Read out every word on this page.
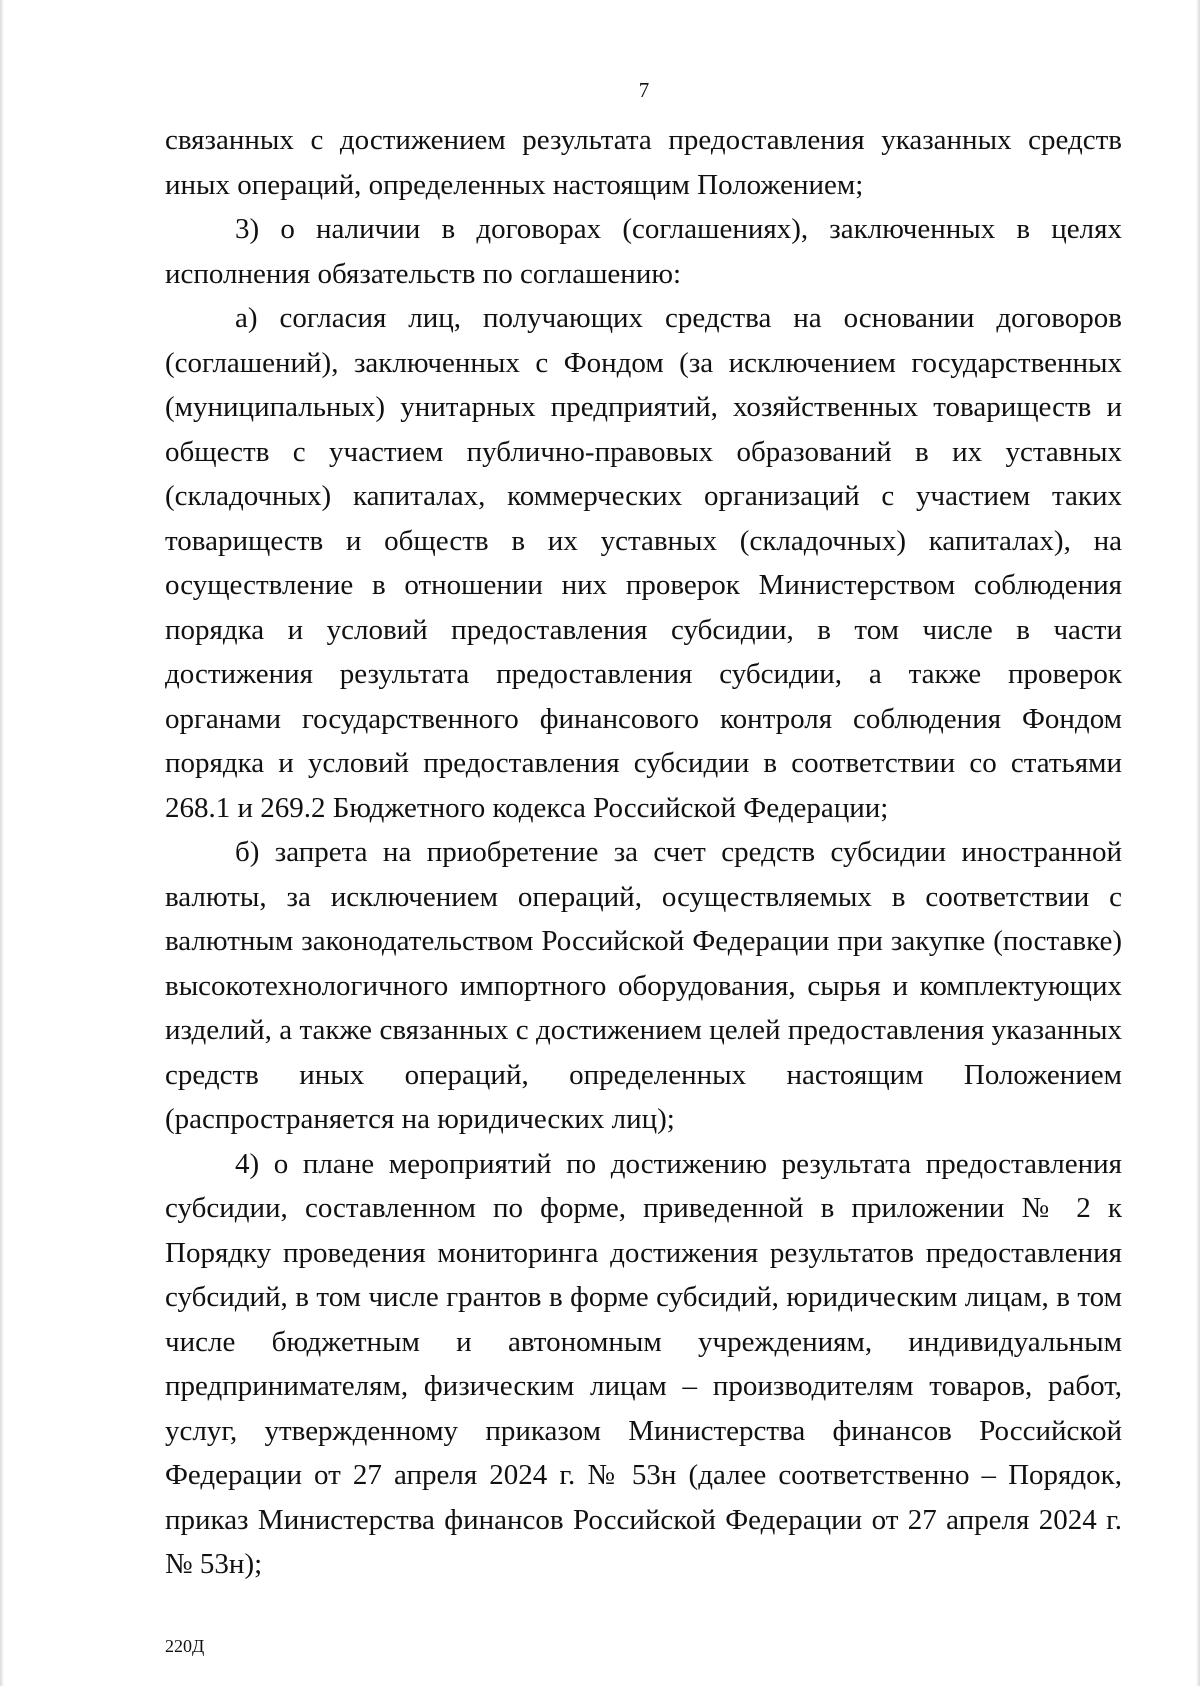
7

связанных с достижением результата предоставления указанных средств иных операций, определенных настоящим Положением;

3) о наличии в договорах (соглашениях), заключенных в целях исполнения обязательств по соглашению:

а) согласия лиц, получающих средства на основании договоров (соглашений), заключенных с Фондом (за исключением государственных (муниципальных) унитарных предприятий, хозяйственных товариществ и обществ с участием публично-правовых образований в их уставных (складочных) капиталах, коммерческих организаций с участием таких товариществ и обществ в их уставных (складочных) капиталах), на осуществление в отношении них проверок Министерством соблюдения порядка и условий предоставления субсидии, в том числе в части достижения результата предоставления субсидии, а также проверок органами государственного финансового контроля соблюдения Фондом порядка и условий предоставления субсидии в соответствии со статьями 268.1 и 269.2 Бюджетного кодекса Российской Федерации;

б) запрета на приобретение за счет средств субсидии иностранной валюты, за исключением операций, осуществляемых в соответствии с валютным законодательством Российской Федерации при закупке (поставке) высокотехнологичного импортного оборудования, сырья и комплектующих изделий, а также связанных с достижением целей предоставления указанных средств иных операций, определенных настоящим Положением (распространяется на юридических лиц);

4) о плане мероприятий по достижению результата предоставления субсидии, составленном по форме, приведенной в приложении № 2 к Порядку проведения мониторинга достижения результатов предоставления субсидий, в том числе грантов в форме субсидий, юридическим лицам, в том числе бюджетным и автономным учреждениям, индивидуальным предпринимателям, физическим лицам – производителям товаров, работ, услуг, утвержденному приказом Министерства финансов Российской Федерации от 27 апреля 2024 г. № 53н (далее соответственно – Порядок, приказ Министерства финансов Российской Федерации от 27 апреля 2024 г. № 53н);

220Д
